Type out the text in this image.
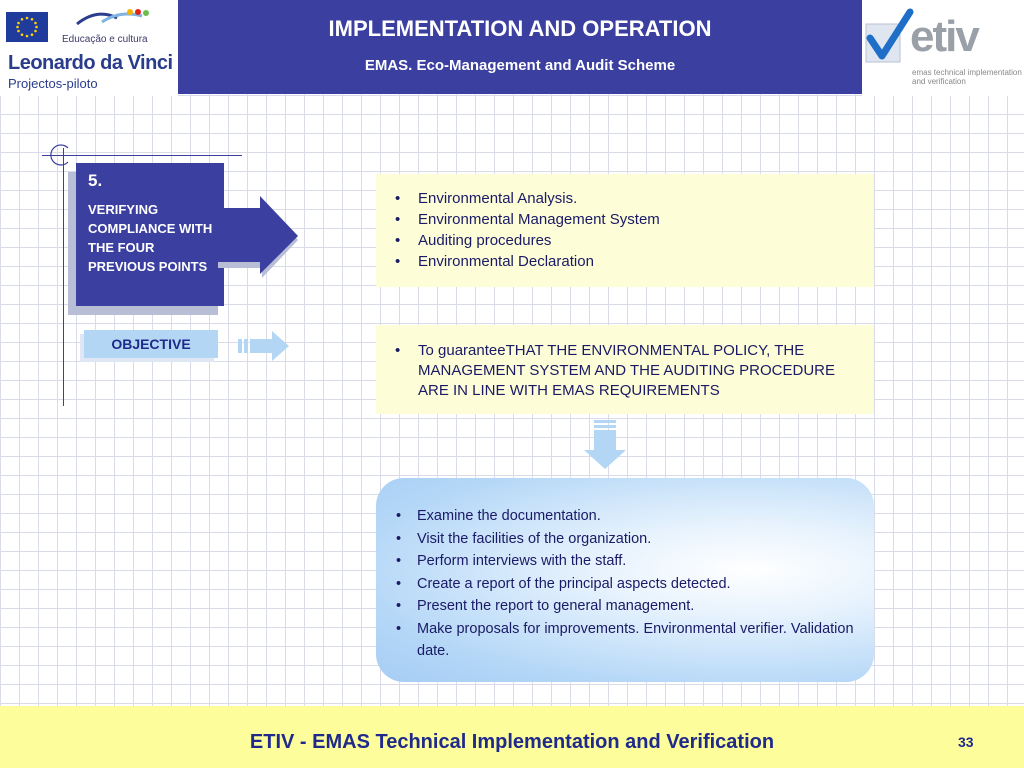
Educação e cultura
Leonardo da Vinci
Projectos-piloto
IMPLEMENTATION AND OPERATION
EMAS. Eco-Management and Audit Scheme
etiv
emas technical implementation and verification
5.
VERIFYING COMPLIANCE WITH THE FOUR PREVIOUS POINTS
OBJECTIVE
• Environmental Analysis.
• Environmental Management System
• Auditing procedures
• Environmental Declaration
• To guaranteeTHAT THE ENVIRONMENTAL POLICY, THE MANAGEMENT SYSTEM AND THE AUDITING PROCEDURE ARE IN LINE WITH EMAS REQUIREMENTS
• Examine the documentation.
• Visit the facilities of the organization.
• Perform interviews with the staff.
• Create a report of the principal aspects detected.
• Present the report to general management.
• Make proposals for improvements. Environmental verifier. Validation date.
ETIV - EMAS Technical Implementation and Verification	33
